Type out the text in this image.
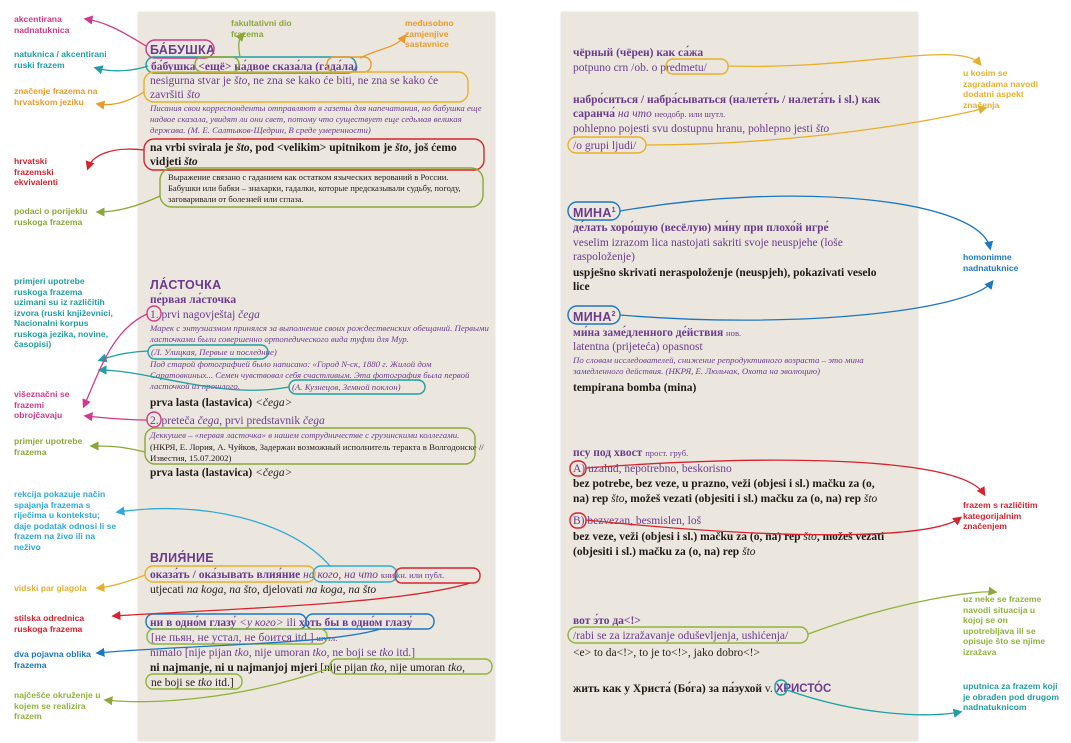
БА́БУШКА
ба́бушка <ещё> на́двое сказа́ла (гада́ла)
nesigurna stvar je što, ne zna se kako će biti, ne zna se kako će
završiti što
Писания свои корреспонденты отправляют в газеты для напечатания, но бабушка еще надвое сказала, увидят ли они свет, потому что существует еще седьмая великая держава. (М. Е. Салтыков-Щедрин, В среде умеренности)
na vrbi svirala je što, pod <velikim> upitnikom je što, još ćemo
vidjeti što
Выражение связано с гаданием как остатком языческих верований в России. Бабушки или бабки – знахарки, гадалки, которые предсказывали судьбу, погоду, заговаривали от болезней или сглаза.
ЛА́СТОЧКА
пе́рвая ла́сточка
1. prvi nagovještaj čega
Марек с энтузиазмом принялся за выполнение своих рождественских обещаний. Первыми ласточками были совершенно ортопедического вида туфли для Мур.
(Л. Улицкая, Первые и последние)
Под старой фотографией было написано: «Город N-ск, 1880 г. Жилой дом Саратовкиных... Семен чувствовал себя счастливым. Эта фотография была первой ласточкой из прошлого.	(А. Кузнецов, Земной поклон)
prva lasta (lastavica) <čega>
2. preteča čega, prvi predstavnik čega
Деккушев – «первая ласточка» в нашем сотрудничестве с грузинскими коллегами.
(НКРЯ, Е. Лория, А. Чуйков, Задержан возможный исполнитель теракта в Волгодонске // Известия, 15.07.2002)
prva lasta (lastavica) <čega>
ВЛИЯ́НИЕ
оказа́ть / ока́зывать влия́ние на кого, на что книжн. или публ.
utjecati na koga, na što, djelovati na koga, na što
ни в одно́м глазу́ <у кого> ili хоть бы в одно́м глазу́
[не пьян, не устал, не боится itd.] шутл.
nimalo [nije pijan tko, nije umoran tko, ne boji se tko itd.]
ni najmanje, ni u najmanjoj mjeri [nije pijan tko, nije umoran tko,
ne boji se tko itd.]
чёрный (чёрен) как са́жа
potpuno crn /ob. o predmetu/
набро́ситься / набра́сываться (налете́ть / налета́ть i sl.) как
саранча́ на что неодобр. или шутл.
pohlepno pojesti svu dostupnu hranu, pohlepno jesti što
/o grupi ljudi/
МИНА$^1$
де́лать хоро́шую (весёлую) ми́ну при плохо́й игре́
veselim izrazom lica nastojati sakriti svoje neuspjehe (loše
raspoloženje)
uspješno skrivati neraspoloženje (neuspjeh), pokazivati veselo
lice
МИНА$^2$
ми́на заме́дленного де́йствия нов.
latentna (prijeteća) opasnost
По словам исследователей, снижение репродуктивного возраста – это мина замедленного действия. (НКРЯ, Е. Люльчак, Охота на эволюцию)
tempirana bomba (mina)
псу под хвост прост. груб.
A) uzalud, nepotrebno, beskorisno
bez potrebe, bez veze, u prazno, veži (objesi i sl.) mačku za (o,
na) rep što, možeš vezati (objesiti i sl.) mačku za (o, na) rep što
B) bezvezan, besmislen, loš
bez veze, veži (objesi i sl.) mačku za (o, na) rep što, možeš vezati
(objesiti i sl.) mačku za (o, na) rep što
вот э́то да<!>
/rabi se za izražavanje oduševljenja, ushićenja/
<e> to da<!>, to je to<!>, jako dobro<!>
жить как у Христа́ (Бо́га) за па́зухой v. ХРИСТО́С
akcentirana nadnatuknica
natuknica / akcentirani ruski frazem
značenje frazema na hrvatskom jeziku
hrvatski frazemski ekvivalenti
podaci o porijeklu ruskoga frazema
primjeri upotrebe ruskoga frazema uzimani su iz različitih izvora (ruski književnici, Nacionalni korpus ruskoga jezika, novine, časopisi)
višeznačni se frazemi obrojčavaju
primjer upotrebe frazema
rekcija pokazuje način spajanja frazema s riječima u kontekstu; daje podatak odnosi li se frazem na živo ili na neživo
vidski par glagola
stilska odrednica ruskoga frazema
dva pojavna oblika frazema
najčešće okruženje u kojem se realizira frazem
fakultativni dio frazema
međusobno zamjenjive sastavnice
u kosim se zagradama navodi dodatni aspekt značenja
homonimne nadnatuknice
frazem s različitim kategorijalnim značenjem
uz neke se frazeme navodi situacija u kojoj se on upotrebljava ili se opisuje što se njime izražava
uputnica za frazem koji je obrađen pod drugom nadnatuknicom
